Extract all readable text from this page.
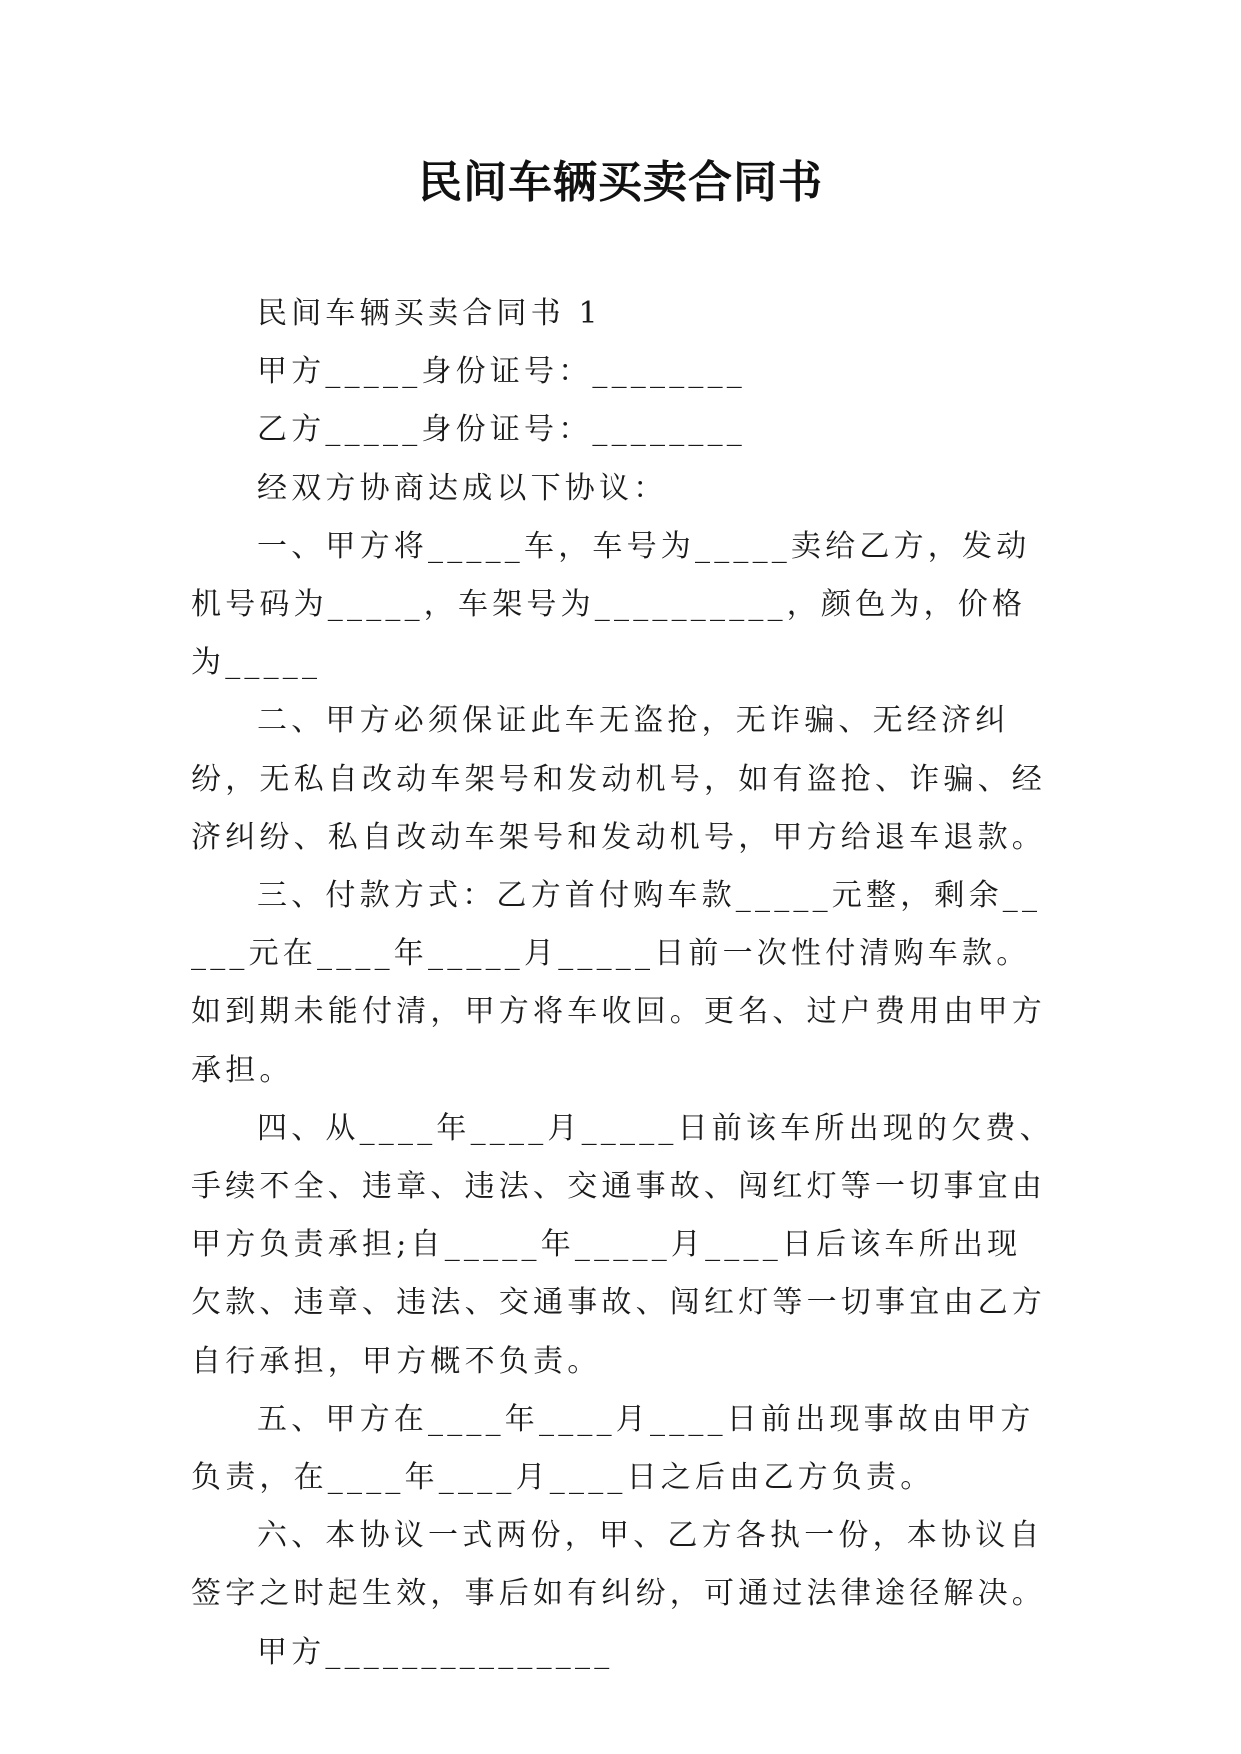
民间车辆买卖合同书

民间车辆买卖合同书 1

甲方_____身份证号：________

乙方_____身份证号：________

经双方协商达成以下协议：

一、甲方将_____车，车号为_____卖给乙方，发动机号码为_____，车架号为__________，颜色为，价格为_____

二、甲方必须保证此车无盗抢，无诈骗、无经济纠纷，无私自改动车架号和发动机号，如有盗抢、诈骗、经济纠纷、私自改动车架号和发动机号，甲方给退车退款。

三、付款方式：乙方首付购车款_____元整，剩余_____元在____年_____月_____日前一次性付清购车款。如到期未能付清，甲方将车收回。更名、过户费用由甲方承担。

四、从____年____月_____日前该车所出现的欠费、手续不全、违章、违法、交通事故、闯红灯等一切事宜由甲方负责承担;自_____年_____月____日后该车所出现欠款、违章、违法、交通事故、闯红灯等一切事宜由乙方自行承担，甲方概不负责。

五、甲方在____年____月____日前出现事故由甲方负责，在____年____月____日之后由乙方负责。

六、本协议一式两份，甲、乙方各执一份，本协议自签字之时起生效，事后如有纠纷，可通过法律途径解决。

甲方_______________
